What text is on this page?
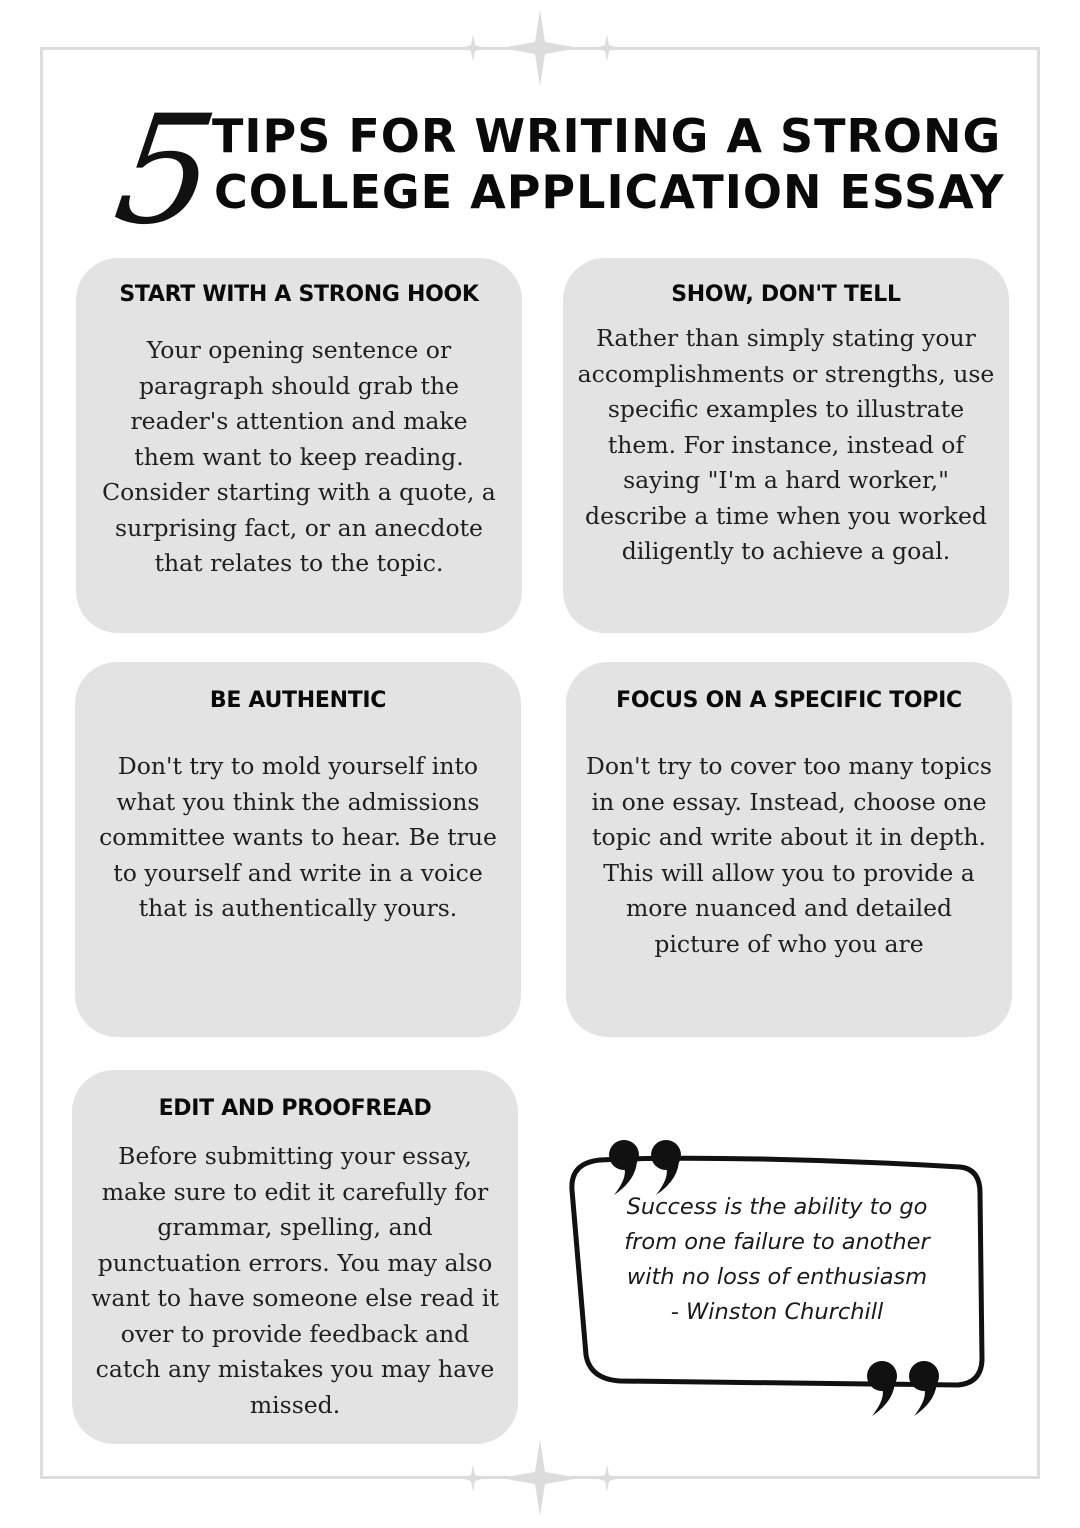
5
TIPS FOR WRITING A STRONG
COLLEGE APPLICATION ESSAY
START WITH A STRONG HOOK

Your opening sentence or paragraph should grab the reader's attention and make them want to keep reading. Consider starting with a quote, a surprising fact, or an anecdote that relates to the topic.

SHOW, DON'T TELL

Rather than simply stating your accomplishments or strengths, use specific examples to illustrate them. For instance, instead of saying "I'm a hard worker," describe a time when you worked diligently to achieve a goal.

BE AUTHENTIC

Don't try to mold yourself into what you think the admissions committee wants to hear. Be true to yourself and write in a voice that is authentically yours.

FOCUS ON A SPECIFIC TOPIC

Don't try to cover too many topics in one essay. Instead, choose one topic and write about it in depth. This will allow you to provide a more nuanced and detailed picture of who you are

EDIT AND PROOFREAD

Before submitting your essay, make sure to edit it carefully for grammar, spelling, and punctuation errors. You may also want to have someone else read it over to provide feedback and catch any mistakes you may have missed.

Success is the ability to go from one failure to another with no loss of enthusiasm
- Winston Churchill
